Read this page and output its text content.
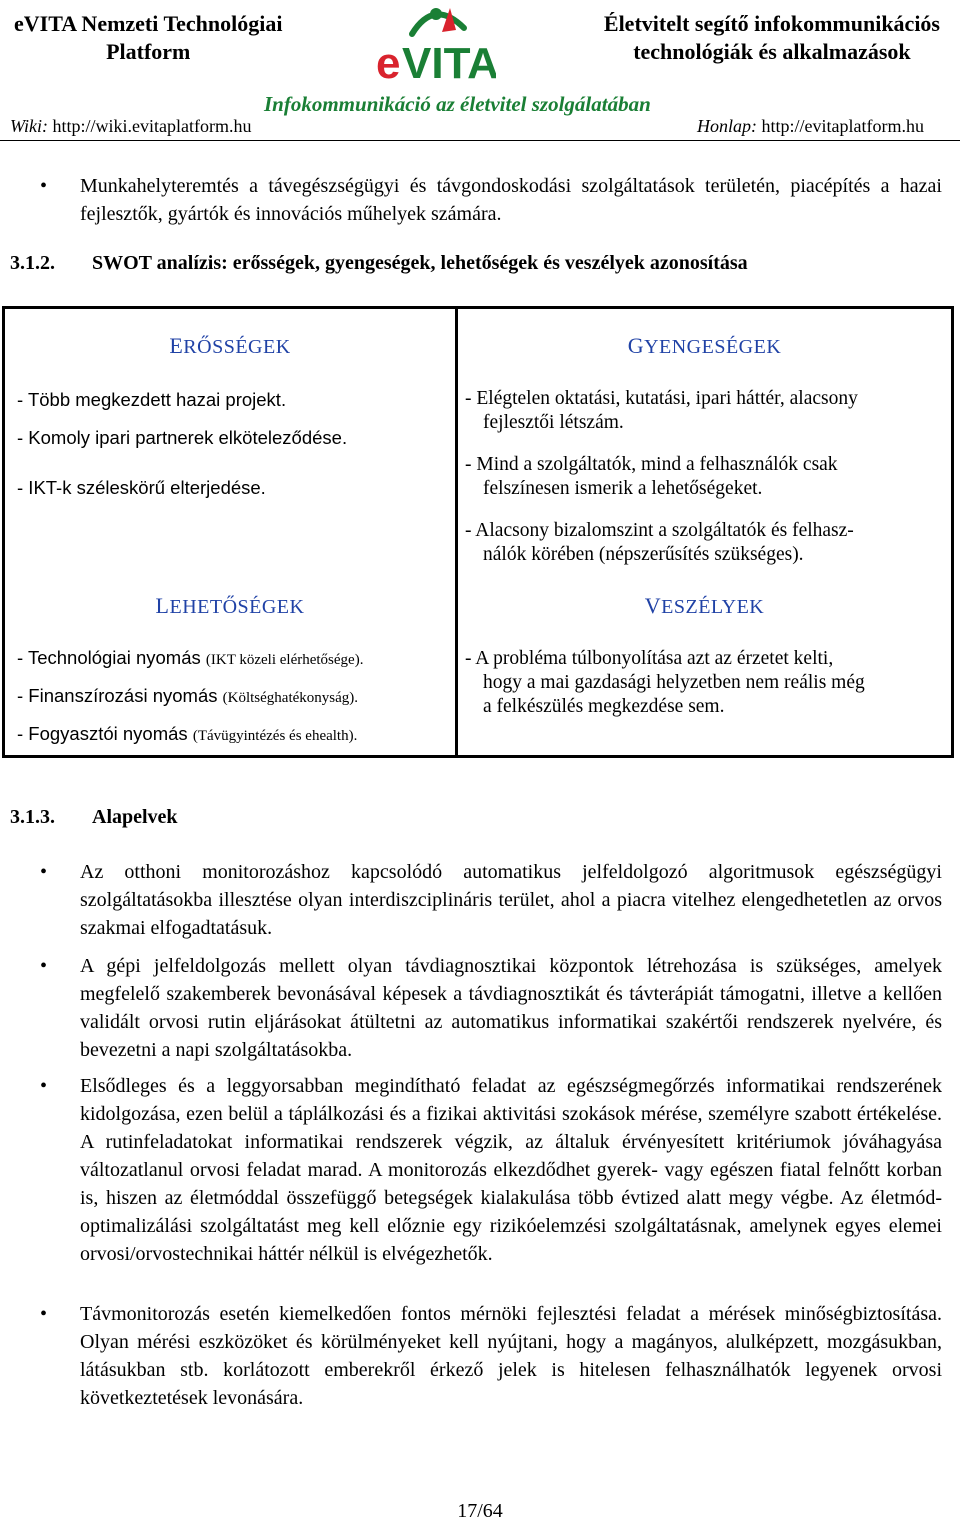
eVITA Nemzeti Technológiai
Platform	e VITA
Életvitelt segítő infokommunikációs
technológiák és alkalmazások
Infokommunikáció az életvitel szolgálatában
Wiki: http://wiki.evitaplatform.hu	Honlap: http://evitaplatform.hu
• Munkahelyteremtés a távegészségügyi és távgondoskodási szolgáltatások területén, piacépítés a hazai fejlesztők, gyártók és innovációs műhelyek számára.
3.1.2. SWOT analízis: erősségek, gyengeségek, lehetőségek és veszélyek azonosítása
ERŐSSÉGEK
- Több megkezdett hazai projekt.
- Komoly ipari partnerek elköteleződése.
- IKT-k széleskörű elterjedése.
GYENGESÉGEK
- Elégtelen oktatási, kutatási, ipari háttér, alacsony
fejlesztői létszám.
- Mind a szolgáltatók, mind a felhasználók csak
felszínesen ismerik a lehetőségeket.
- Alacsony bizalomszint a szolgáltatók és felhasz-
nálók körében (népszerűsítés szükséges).
LEHETŐSÉGEK
- Technológiai nyomás (IKT közeli elérhetősége).
- Finanszírozási nyomás (Költséghatékonyság).
- Fogyasztói nyomás (Távügyintézés és ehealth).
VESZÉLYEK
- A probléma túlbonyolítása azt az érzetet kelti,
hogy a mai gazdasági helyzetben nem reális még
a felkészülés megkezdése sem.
3.1.3. Alapelvek
• Az otthoni monitorozáshoz kapcsolódó automatikus jelfeldolgozó algoritmusok egészségügyi szolgáltatásokba illesztése olyan interdiszciplináris terület, ahol a piacra vitelhez elengedhetetlen az orvos szakmai elfogadtatásuk.
• A gépi jelfeldolgozás mellett olyan távdiagnosztikai központok létrehozása is szükséges, amelyek megfelelő szakemberek bevonásával képesek a távdiagnosztikát és távterápiát támogatni, illetve a kellően validált orvosi rutin eljárásokat átültetni az automatikus informatikai szakértői rendszerek nyelvére, és bevezetni a napi szolgáltatásokba.
• Elsődleges és a leggyorsabban megindítható feladat az egészségmegőrzés informatikai rendszerének kidolgozása, ezen belül a táplálkozási és a fizikai aktivitási szokások mérése, személyre szabott értékelése. A rutinfeladatokat informatikai rendszerek végzik, az általuk érvényesített kritériumok jóváhagyása változatlanul orvosi feladat marad. A monitorozás elkezdődhet gyerek- vagy egészen fiatal felnőtt korban is, hiszen az életmóddal összefüggő betegségek kialakulása több évtized alatt megy végbe. Az életmód-optimalizálási szolgáltatást meg kell előznie egy rizikóelemzési szolgáltatásnak, amelynek egyes elemei orvosi/orvostechnikai háttér nélkül is elvégezhetők.
• Távmonitorozás esetén kiemelkedően fontos mérnöki fejlesztési feladat a mérések minőségbiztosítása. Olyan mérési eszközöket és körülményeket kell nyújtani, hogy a magányos, alulképzett, mozgásukban, látásukban stb. korlátozott emberekről érkező jelek is hitelesen felhasználhatók legyenek orvosi következtetések levonására.
17/64
